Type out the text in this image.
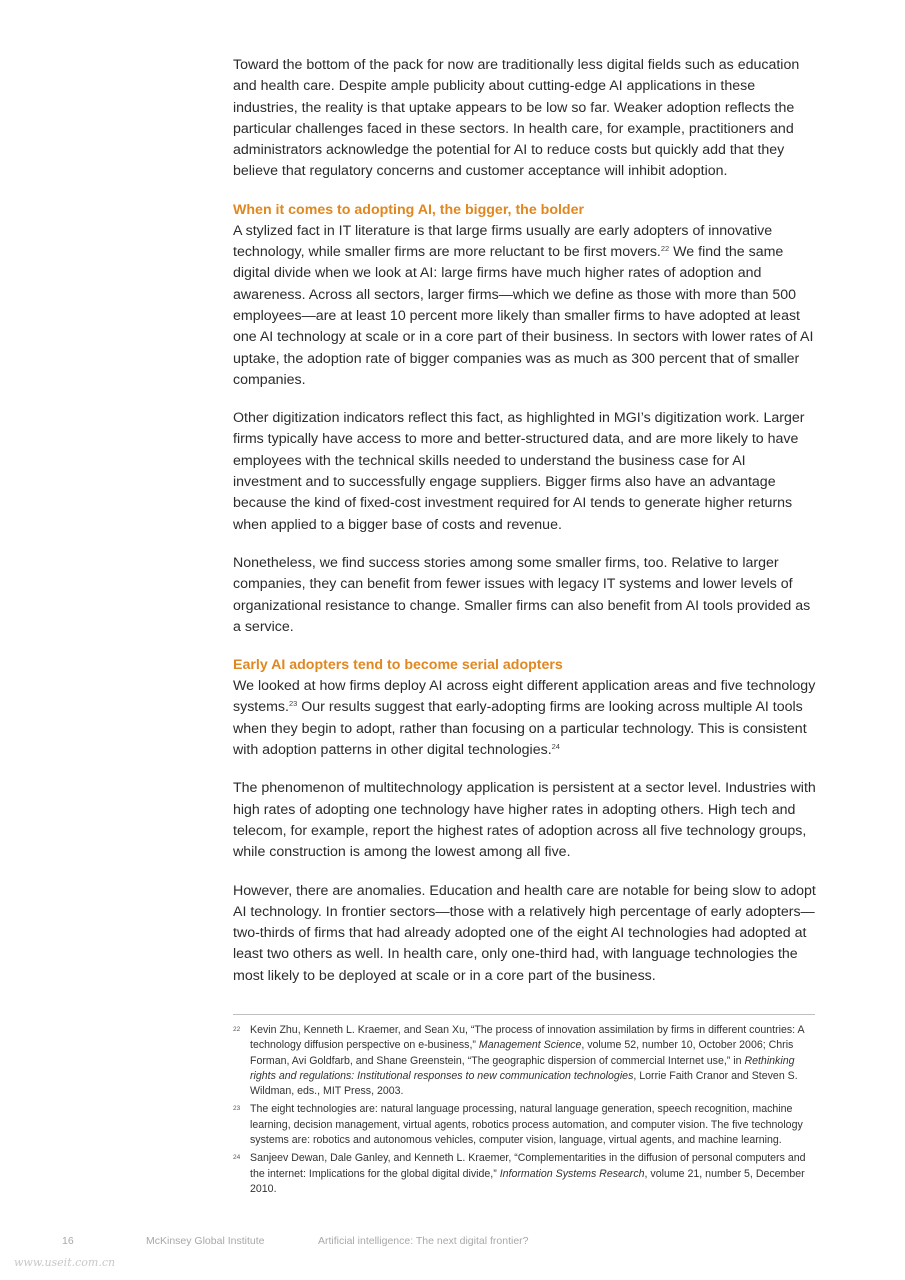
Toward the bottom of the pack for now are traditionally less digital fields such as education and health care. Despite ample publicity about cutting-edge AI applications in these industries, the reality is that uptake appears to be low so far. Weaker adoption reflects the particular challenges faced in these sectors. In health care, for example, practitioners and administrators acknowledge the potential for AI to reduce costs but quickly add that they believe that regulatory concerns and customer acceptance will inhibit adoption.

When it comes to adopting AI, the bigger, the bolder

A stylized fact in IT literature is that large firms usually are early adopters of innovative technology, while smaller firms are more reluctant to be first movers.$^{22}$ We find the same digital divide when we look at AI: large firms have much higher rates of adoption and awareness. Across all sectors, larger firms—which we define as those with more than 500 employees—are at least 10 percent more likely than smaller firms to have adopted at least one AI technology at scale or in a core part of their business. In sectors with lower rates of AI uptake, the adoption rate of bigger companies was as much as 300 percent that of smaller companies.

Other digitization indicators reflect this fact, as highlighted in MGI’s digitization work. Larger firms typically have access to more and better-structured data, and are more likely to have employees with the technical skills needed to understand the business case for AI investment and to successfully engage suppliers. Bigger firms also have an advantage because the kind of fixed-cost investment required for AI tends to generate higher returns when applied to a bigger base of costs and revenue.

Nonetheless, we find success stories among some smaller firms, too. Relative to larger companies, they can benefit from fewer issues with legacy IT systems and lower levels of organizational resistance to change. Smaller firms can also benefit from AI tools provided as a service.

Early AI adopters tend to become serial adopters

We looked at how firms deploy AI across eight different application areas and five technology systems.$^{23}$ Our results suggest that early-adopting firms are looking across multiple AI tools when they begin to adopt, rather than focusing on a particular technology. This is consistent with adoption patterns in other digital technologies.$^{24}$

The phenomenon of multitechnology application is persistent at a sector level. Industries with high rates of adopting one technology have higher rates in adopting others. High tech and telecom, for example, report the highest rates of adoption across all five technology groups, while construction is among the lowest among all five.

However, there are anomalies. Education and health care are notable for being slow to adopt AI technology. In frontier sectors—those with a relatively high percentage of early adopters—two-thirds of firms that had already adopted one of the eight AI technologies had adopted at least two others as well. In health care, only one-third had, with language technologies the most likely to be deployed at scale or in a core part of the business.

22 Kevin Zhu, Kenneth L. Kraemer, and Sean Xu, “The process of innovation assimilation by firms in different countries: A technology diffusion perspective on e-business,” Management Science, volume 52, number 10, October 2006; Chris Forman, Avi Goldfarb, and Shane Greenstein, “The geographic dispersion of commercial Internet use,” in Rethinking rights and regulations: Institutional responses to new communication technologies, Lorrie Faith Cranor and Steven S. Wildman, eds., MIT Press, 2003.
23 The eight technologies are: natural language processing, natural language generation, speech recognition, machine learning, decision management, virtual agents, robotics process automation, and computer vision. The five technology systems are: robotics and autonomous vehicles, computer vision, language, virtual agents, and machine learning.
24 Sanjeev Dewan, Dale Ganley, and Kenneth L. Kraemer, “Complementarities in the diffusion of personal computers and the internet: Implications for the global digital divide,” Information Systems Research, volume 21, number 5, December 2010.
16	McKinsey Global Institute	Artificial intelligence: The next digital frontier?
www.useit.com.cn
